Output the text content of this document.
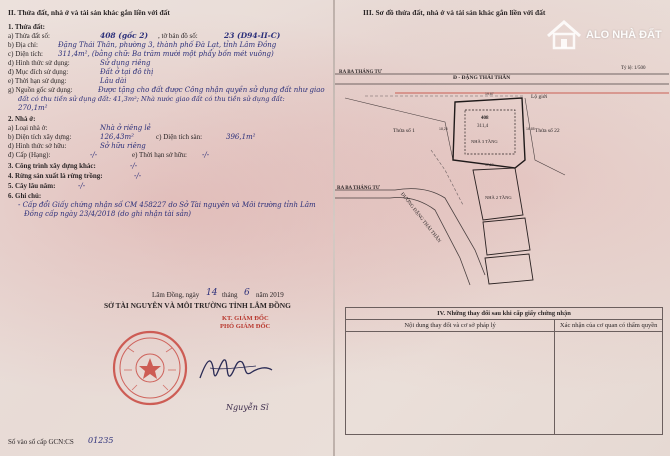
II. Thửa đất, nhà ở và tài sản khác gắn liền với đất
1. Thửa đất:
a) Thửa đất số:	408 (gốc 2) , tờ bản đồ số:	23 (D94-II-C)
b) Địa chỉ:	Đặng Thái Thân, phường 3, thành phố Đà Lạt, tỉnh Lâm Đồng
c) Diện tích: 311,4m², (bằng chữ: Ba trăm mười một phẩy bốn mét vuông)
d) Hình thức sử dụng:	Sử dụng riêng
đ) Mục đích sử dụng:	Đất ở tại đô thị
e) Thời hạn sử dụng:	Lâu dài
g) Nguồn gốc sử dụng:	Được tặng cho đất được Công nhận quyền sử dụng đất như giao
đất có thu tiền sử dụng đất: 41,3m²; Nhà nước giao đất có thu tiền sử dụng đất:
270,1m²
2. Nhà ở:
a) Loại nhà ở:	Nhà ở riêng lẻ
b) Diện tích xây dựng:	126,43m²	c) Diện tích sàn:	396,1m²
d) Hình thức sở hữu:	Sở hữu riêng
đ) Cấp (Hạng):	-/-	e) Thời hạn sở hữu: -/-
3. Công trình xây dựng khác:	-/-
4. Rừng sản xuất là rừng trồng:	-/-
5. Cây lâu năm:	-/-
6. Ghi chú:
- Cấp đổi Giấy chứng nhận số CM 458227 do Sở Tài nguyên và Môi trường tỉnh Lâm
Đồng cấp ngày 23/4/2018 (do ghi nhận tài sản)
Lâm Đồng, ngày 14 tháng 6 năm 2019
SỞ TÀI NGUYÊN VÀ MÔI TRƯỜNG TỈNH LÂM ĐỒNG
KT. GIÁM ĐỐC
PHÓ GIÁM ĐỐC
Nguyễn Sĩ
Số vào sổ cấp GCN:CS 01235
III. Sơ đồ thửa đất, nhà ở và tài sản khác gắn liền với đất
Tỷ lệ: 1/500
19,67
16,85
18,26
17,50
RA BA THÁNG TƯ
Đ - ĐẶNG THÁI THÂN
Lộ giới
Thửa số 1	Thửa số 22
RA BA THÁNG TƯ
ĐƯỜNG ĐẶNG THÁI THÂN
408
311,4
NHÀ 3 TẦNG
NHÀ 2 TẦNG
IV. Những thay đổi sau khi cấp giấy chứng nhận	
Nội dung thay đổi và cơ sở pháp lý	Xác nhận của cơ quan có thẩm quyền

ALO NHÀ ĐẤT
